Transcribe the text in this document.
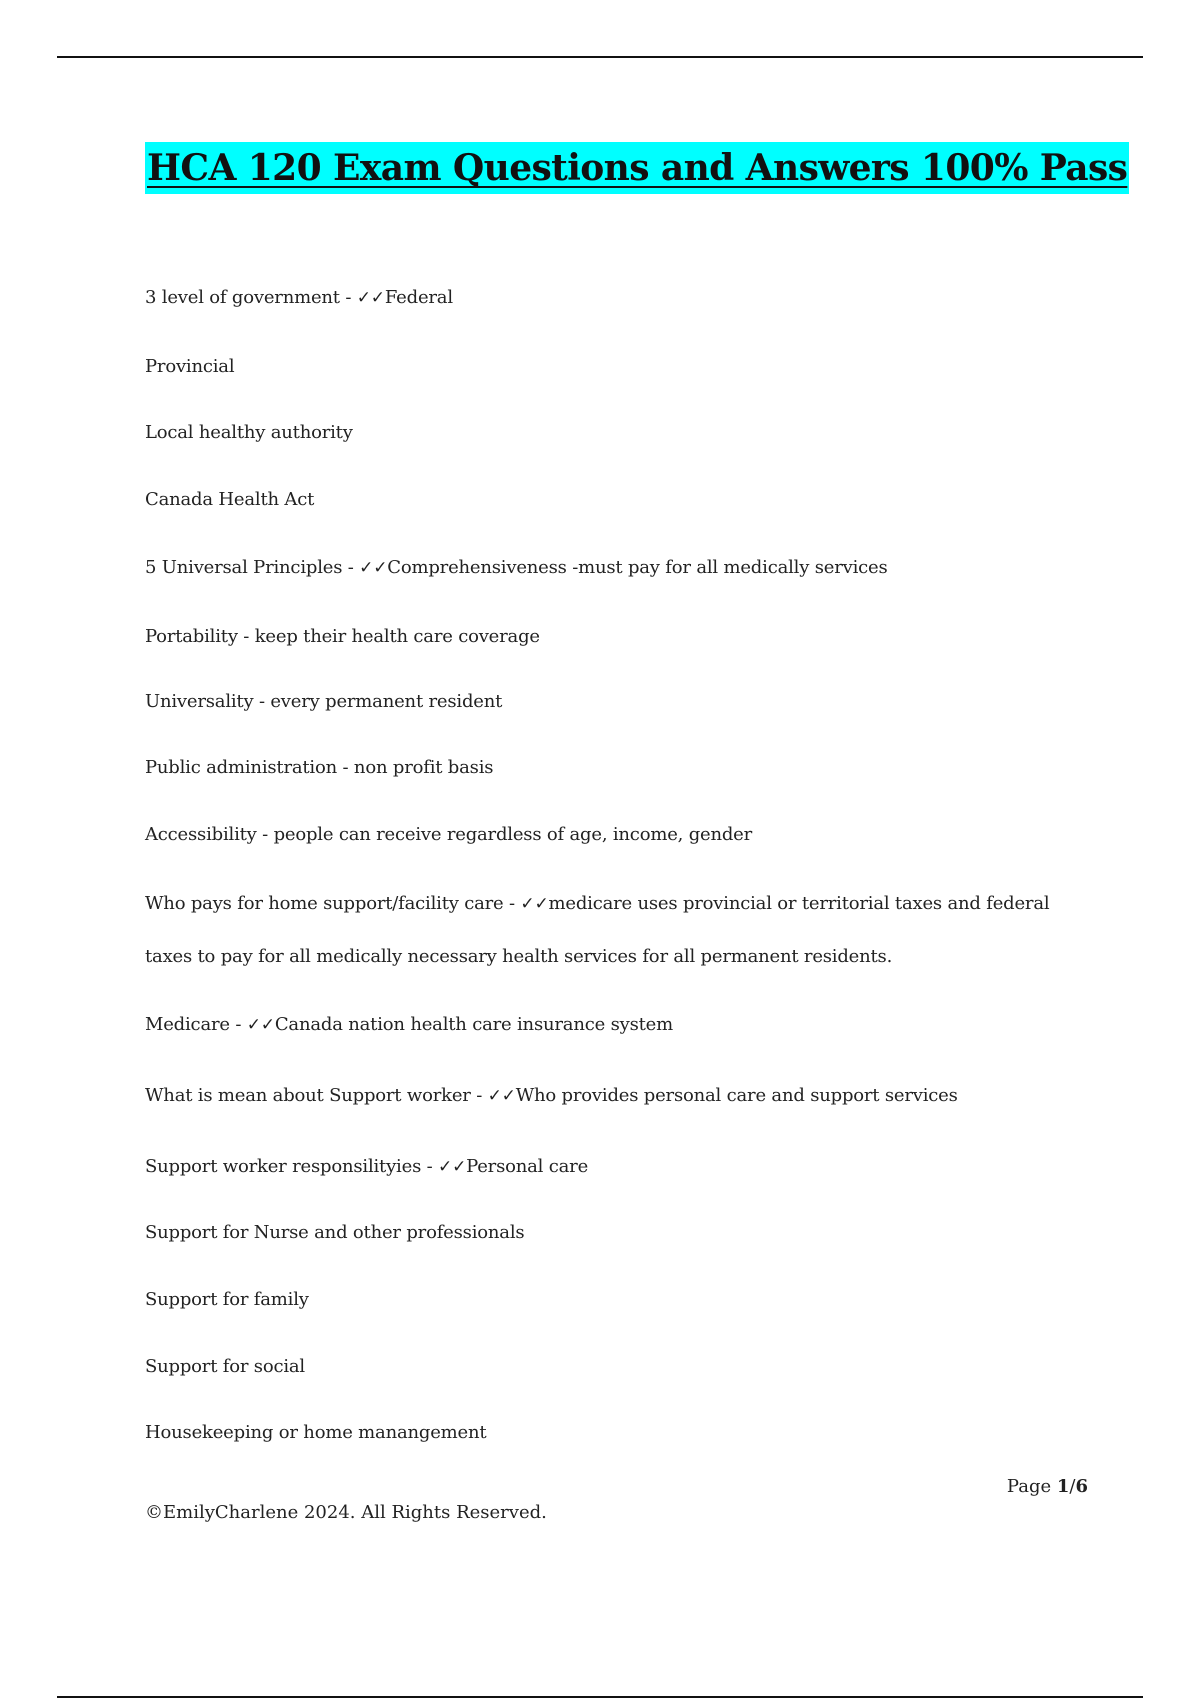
HCA 120 Exam Questions and Answers 100% Pass
3 level of government - ✓✓Federal
Provincial
Local healthy authority
Canada Health Act
5 Universal Principles - ✓✓Comprehensiveness -must pay for all medically services
Portability - keep their health care coverage
Universality - every permanent resident
Public administration - non profit basis
Accessibility - people can receive regardless of age, income, gender
Who pays for home support/facility care - ✓✓medicare uses provincial or territorial taxes and federal
taxes to pay for all medically necessary health services for all permanent residents.
Medicare - ✓✓Canada nation health care insurance system
What is mean about Support worker - ✓✓Who provides personal care and support services
Support worker responsilityies - ✓✓Personal care
Support for Nurse and other professionals
Support for family
Support for social
Housekeeping or home manangement
Page 1/6
©EmilyCharlene 2024. All Rights Reserved.
